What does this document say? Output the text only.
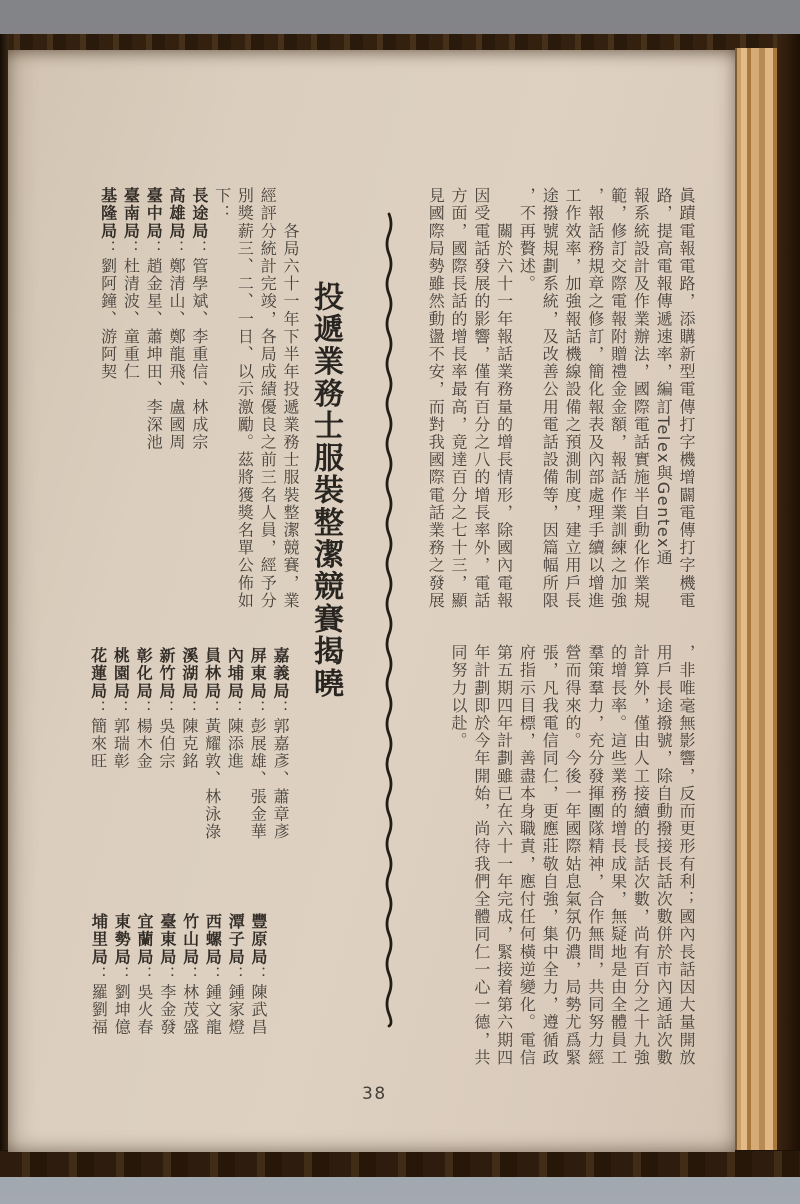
眞蹟電報電路，添購新型電傳打字機增闢電傳打字機電
路，提高電報傳遞速率，編訂Telex與Gentex通
報系統設計及作業辦法，國際電話實施半自動化作業規
範，修訂交際電報附贈禮金金額，報話作業訓練之加強
，報話務規章之修訂，簡化報表及內部處理手續以增進
工作效率，加強報話機線設備之預測制度，建立用戶長
途撥號規劃系統，及改善公用電話設備等，因篇幅所限
，不再贅述。
　　關於六十一年報話業務量的增長情形，除國內電報
因受電話發展的影響，僅有百分之八的增長率外，電話
方面，國際長話的增長率最高，竟達百分之七十三，顯
見國際局勢雖然動盪不安，而對我國際電話業務之發展
，非唯毫無影響，反而更形有利；國內長話因大量開放
用戶長途撥號，除自動撥接長話次數併於市內通話次數
計算外，僅由人工接續的長話次數，尚有百分之十九強
的增長率。這些業務的增長成果，無疑地是由全體員工
羣策羣力，充分發揮團隊精神，合作無間，共同努力經
營而得來的。今後一年國際姑息氣氛仍濃，局勢尤爲緊
張，凡我電信同仁，更應莊敬自強，集中全力，遵循政
府指示目標，善盡本身職責，應付任何橫逆變化。電信
第五期四年計劃雖已在六十一年完成，緊接着第六期四
年計劃即於今年開始，尚待我們全體同仁一心一德，共
同努力以赴。
投遞業務士服裝整潔競賽揭曉
　　各局六十一年下半年投遞業務士服裝整潔競賽，業
經評分統計完竣，各局成績優良之前三名人員，經予分
別獎薪三、二、一日、以示激勵。茲將獲獎名單公佈如
下：
長途局：管學斌、李重信、林成宗
高雄局：鄭清山、鄭龍飛、盧國周
臺中局：趙金星、蕭坤田、李深池
臺南局：杜清波、童重仁
基隆局：劉阿鐘、游阿契
嘉義局：郭嘉彥、蕭章彥
屏東局：彭展雄、張金華
內埔局：陳添進
員林局：黃耀敦、林泳淥
溪湖局：陳克銘
新竹局：吳伯宗
彰化局：楊木金
桃園局：郭瑞彰
花蓮局：簡來旺
豐原局：陳武昌
潭子局：鍾家燈
西螺局：鍾文龍
竹山局：林茂盛
臺東局：李金發
宜蘭局：吳火春
東勢局：劉坤億
埔里局：羅劉福
38
